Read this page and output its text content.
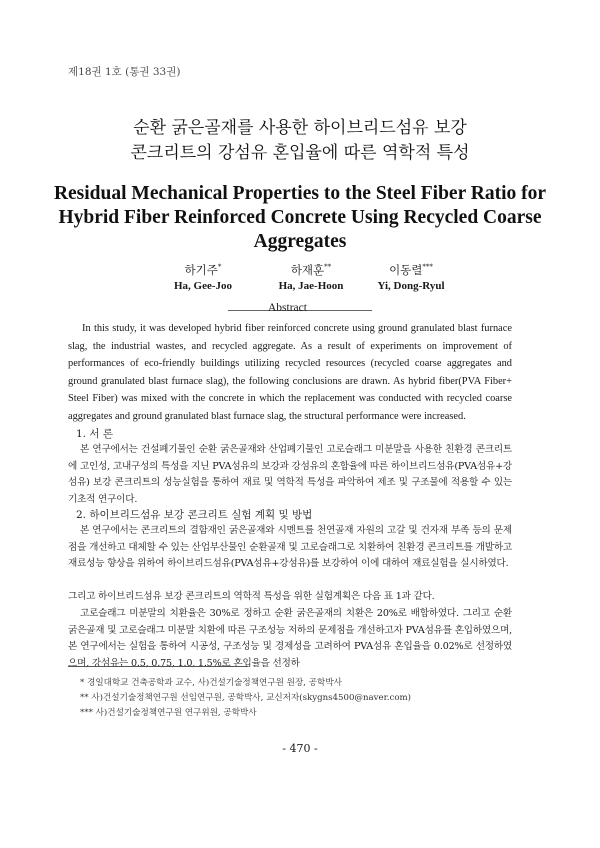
제18권 1호 (통권 33권)
순환 굵은골재를 사용한 하이브리드섬유 보강
콘크리트의 강섬유 혼입율에 따른 역학적 특성
Residual Mechanical Properties to the Steel Fiber Ratio for
Hybrid Fiber Reinforced Concrete Using Recycled Coarse
Aggregates
하기주*
Ha, Gee-Joo
하재훈**
Ha, Jae-Hoon
이동렬***
Yi, Dong-Ryul
Abstract

In this study, it was developed hybrid fiber reinforced concrete using ground granulated blast furnace slag, the industrial wastes, and recycled aggregate. As a result of experiments on improvement of performances of eco-friendly buildings utilizing recycled resources (recycled coarse aggregates and ground granulated blast furnace slag), the following conclusions are drawn. As hybrid fiber(PVA Fiber+ Steel Fiber) was mixed with the concrete in which the replacement was conducted with recycled coarse aggregates and ground granulated blast furnace slag, the structural performance were increased.

1. 서 론

본 연구에서는 건설폐기물인 순환 굵은골재와 산업폐기물인 고로슬래그 미분말을 사용한 친환경 콘크리트에 고인성, 고내구성의 특성을 지닌 PVA섬유의 보강과 강섬유의 혼합율에 따른 하이브리드섬유(PVA섬유+강섬유) 보강 콘크리트의 성능실험을 통하여 재료 및 역학적 특성을 파악하여 제조 및 구조물에 적용할 수 있는 기초적 연구이다.

2. 하이브리드섬유 보강 콘크리트 실험 계획 및 방법

본 연구에서는 콘크리트의 결함재인 굵은골재와 시멘트를 천연골재 자원의 고갈 및 건자재 부족 등의 문제점을 개선하고 대체할 수 있는 산업부산물인 순환골재 및 고로슬래그로 치환하여 친환경 콘크리트를 개발하고 재료성능 향상을 위하여 하이브리드섬유(PVA섬유+강섬유)를 보강하여 이에 대하여 재료실험을 실시하였다.

그리고 하이브리드섬유 보강 콘크리트의 역학적 특성을 위한 실험계획은 다음 표 1과 같다.

고로슬래그 미분말의 치환율은 30%로 정하고 순환 굵은골재의 치환은 20%로 배합하였다. 그리고 순환 굵은골재 및 고로슬래그 미분말 치환에 따른 구조성능 저하의 문제점을 개선하고자 PVA섬유를 혼입하였으며, 본 연구에서는 실험을 통하여 시공성, 구조성능 및 경제성을 고려하여 PVA섬유 혼입율을 0.02%로 선정하였으며, 강섬유는 0.5, 0.75, 1.0, 1.5%로 혼입율을 선정하

* 경일대학교 건축공학과 교수, 사)건설기술정책연구원 원장, 공학박사
** 사)건설기술정책연구원 선임연구원, 공학박사, 교신저자(skygns4500@naver.com)
*** 사)건설기술정책연구원 연구위원, 공학박사
- 470 -
